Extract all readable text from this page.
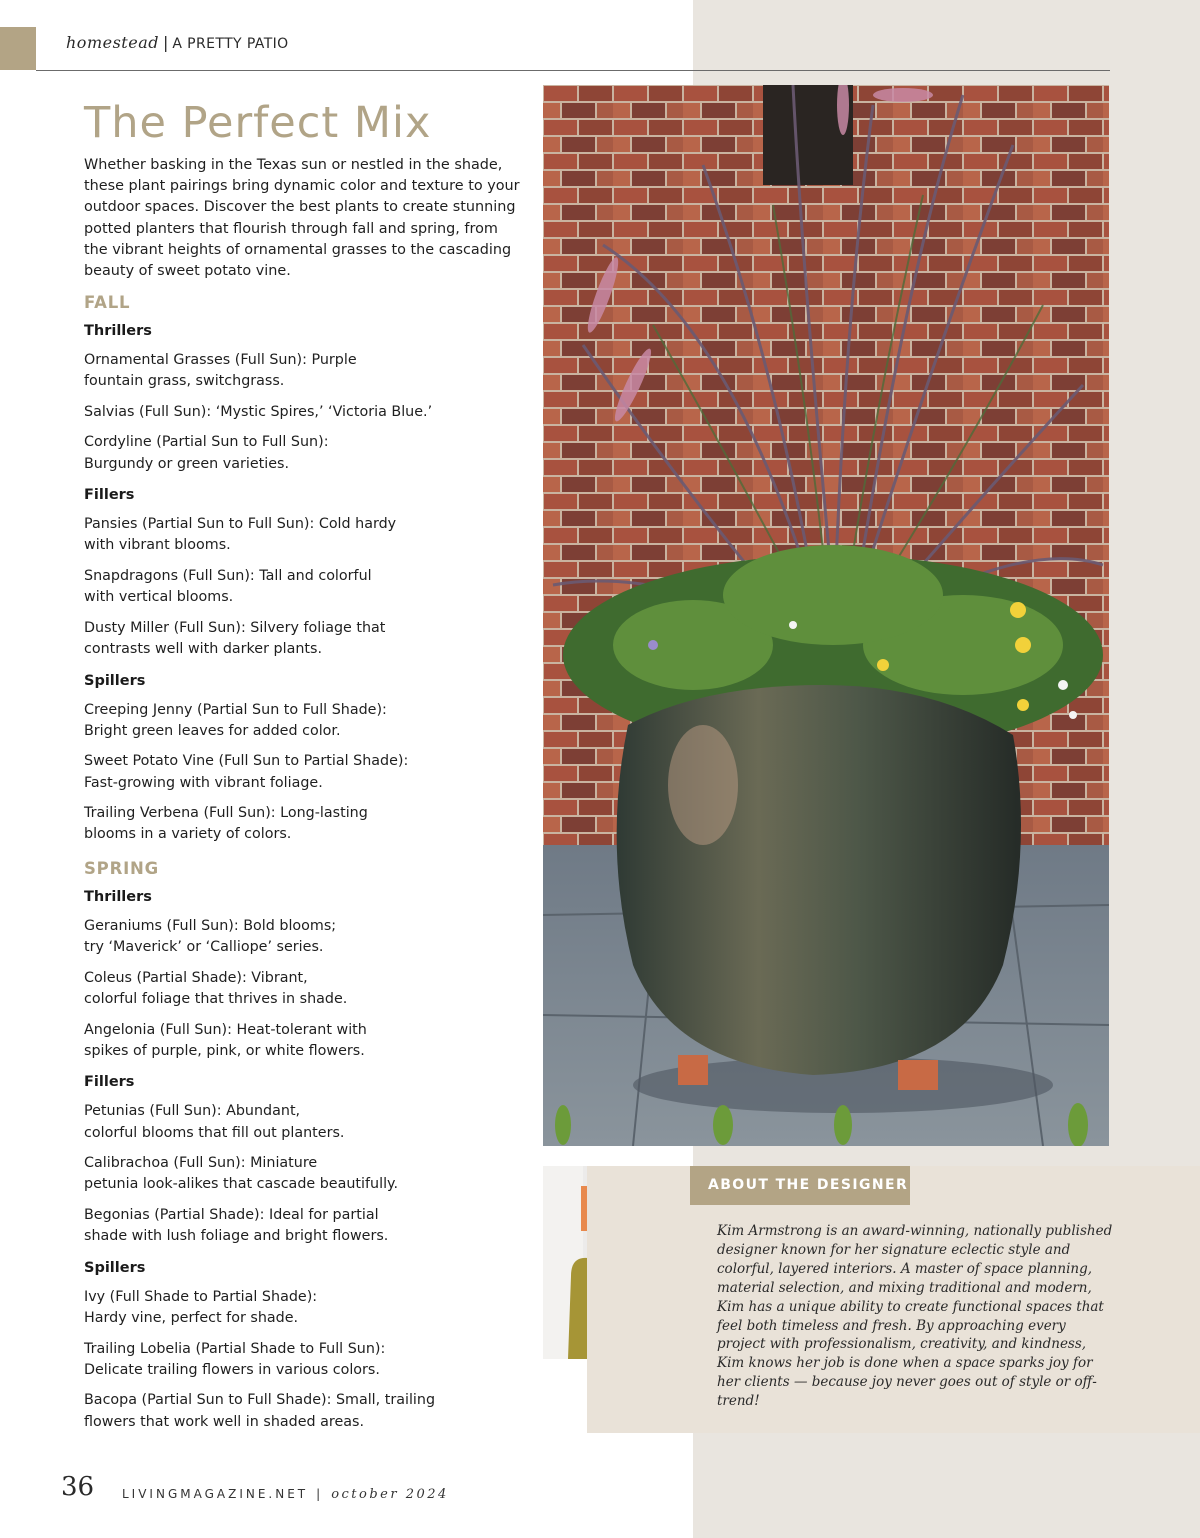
homestead | A PRETTY PATIO
The Perfect Mix

Whether basking in the Texas sun or nestled in the shade, these plant pairings bring dynamic color and texture to your outdoor spaces. Discover the best plants to create stunning potted planters that flourish through fall and spring, from the vibrant heights of ornamental grasses to the cascading beauty of sweet potato vine.

FALL
Thrillers

Ornamental Grasses (Full Sun): Purple
fountain grass, switchgrass.

Salvias (Full Sun): ‘Mystic Spires,’ ‘Victoria Blue.’

Cordyline (Partial Sun to Full Sun):
Burgundy or green varieties.

Fillers

Pansies (Partial Sun to Full Sun): Cold hardy
with vibrant blooms.

Snapdragons (Full Sun): Tall and colorful
with vertical blooms.

Dusty Miller (Full Sun): Silvery foliage that
contrasts well with darker plants.

Spillers

Creeping Jenny (Partial Sun to Full Shade):
Bright green leaves for added color.

Sweet Potato Vine (Full Sun to Partial Shade):
Fast-growing with vibrant foliage.

Trailing Verbena (Full Sun): Long-lasting
blooms in a variety of colors.

SPRING
Thrillers

Geraniums (Full Sun): Bold blooms;
try ‘Maverick’ or ‘Calliope’ series.

Coleus (Partial Shade): Vibrant,
colorful foliage that thrives in shade.

Angelonia (Full Sun): Heat-tolerant with
spikes of purple, pink, or white flowers.

Fillers

Petunias (Full Sun): Abundant,
colorful blooms that fill out planters.

Calibrachoa (Full Sun): Miniature
petunia look-alikes that cascade beautifully.

Begonias (Partial Shade): Ideal for partial
shade with lush foliage and bright flowers.

Spillers

Ivy (Full Shade to Partial Shade):
Hardy vine, perfect for shade.

Trailing Lobelia (Partial Shade to Full Sun):
Delicate trailing flowers in various colors.

Bacopa (Partial Sun to Full Shade): Small, trailing
flowers that work well in shaded areas.

ABOUT THE DESIGNER

Kim Armstrong is an award-winning, nationally published designer known for her signature eclectic style and colorful, layered interiors. A master of space planning, material selection, and mixing traditional and modern, Kim has a unique ability to create functional spaces that feel both timeless and fresh. By approaching every project with professionalism, creativity, and kindness, Kim knows her job is done when a space sparks joy for her clients — because joy never goes out of style or off-trend!

36 LIVINGMAGAZINE.NET | october 2024
